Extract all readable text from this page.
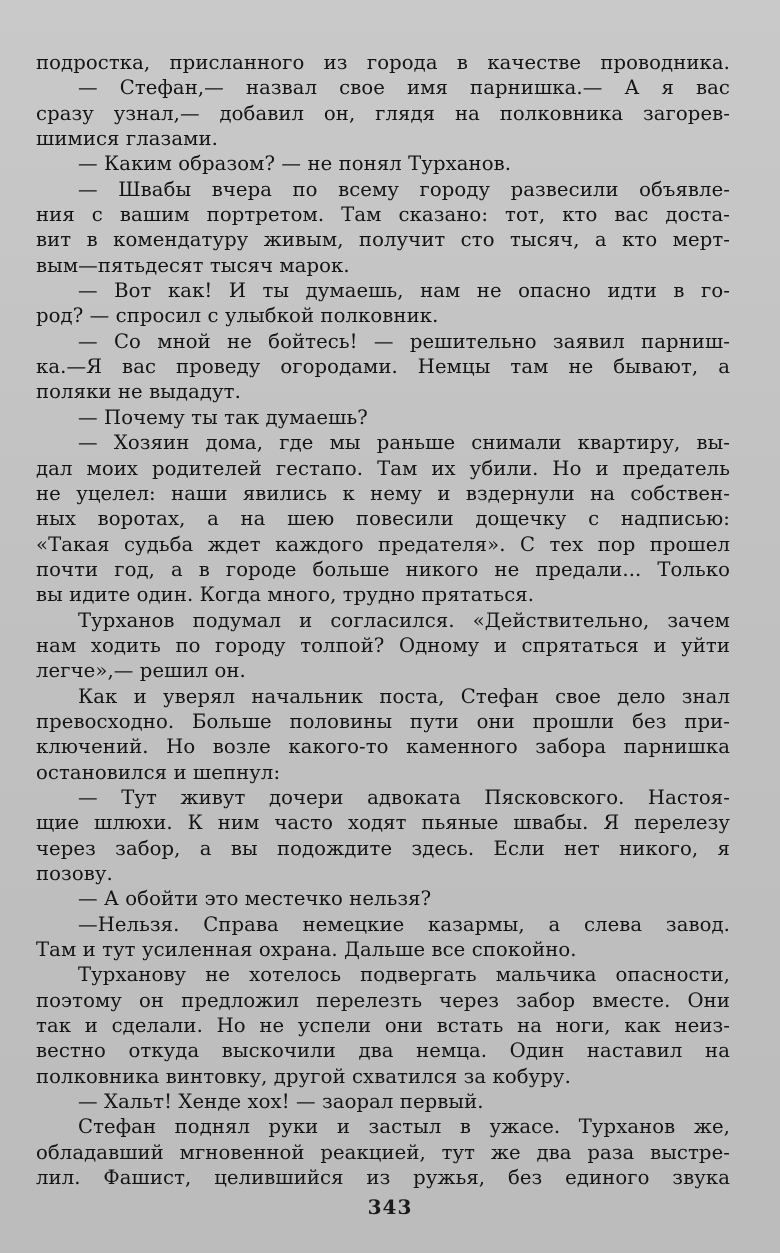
подростка, присланного из города в качестве проводника.
— Стефан,— назвал свое имя парнишка.— А я вас
сразу узнал,— добавил он, глядя на полковника загорев-
шимися глазами.
— Каким образом? — не понял Турханов.
— Швабы вчера по всему городу развесили объявле-
ния с вашим портретом. Там сказано: тот, кто вас доста-
вит в комендатуру живым, получит сто тысяч, а кто мерт-
вым—пятьдесят тысяч марок.
— Вот как! И ты думаешь, нам не опасно идти в го-
род? — спросил с улыбкой полковник.
— Со мной не бойтесь! — решительно заявил парниш-
ка.—Я вас проведу огородами. Немцы там не бывают, а
поляки не выдадут.
— Почему ты так думаешь?
— Хозяин дома, где мы раньше снимали квартиру, вы-
дал моих родителей гестапо. Там их убили. Но и предатель
не уцелел: наши явились к нему и вздернули на собствен-
ных воротах, а на шею повесили дощечку с надписью:
«Такая судьба ждет каждого предателя». С тех пор прошел
почти год, а в городе больше никого не предали... Только
вы идите один. Когда много, трудно прятаться.
Турханов подумал и согласился. «Действительно, зачем
нам ходить по городу толпой? Одному и спрятаться и уйти
легче»,— решил он.
Как и уверял начальник поста, Стефан свое дело знал
превосходно. Больше половины пути они прошли без при-
ключений. Но возле какого-то каменного забора парнишка
остановился и шепнул:
— Тут живут дочери адвоката Пясковского. Настоя-
щие шлюхи. К ним часто ходят пьяные швабы. Я перелезу
через забор, а вы подождите здесь. Если нет никого, я
позову.
— А обойти это местечко нельзя?
—Нельзя. Справа немецкие казармы, а слева завод.
Там и тут усиленная охрана. Дальше все спокойно.
Турханову не хотелось подвергать мальчика опасности,
поэтому он предложил перелезть через забор вместе. Они
так и сделали. Но не успели они встать на ноги, как неиз-
вестно откуда выскочили два немца. Один наставил на
полковника винтовку, другой схватился за кобуру.
— Хальт! Хенде хох! — заорал первый.
Стефан поднял руки и застыл в ужасе. Турханов же,
обладавший мгновенной реакцией, тут же два раза выстре-
лил. Фашист, целившийся из ружья, без единого звука
343
